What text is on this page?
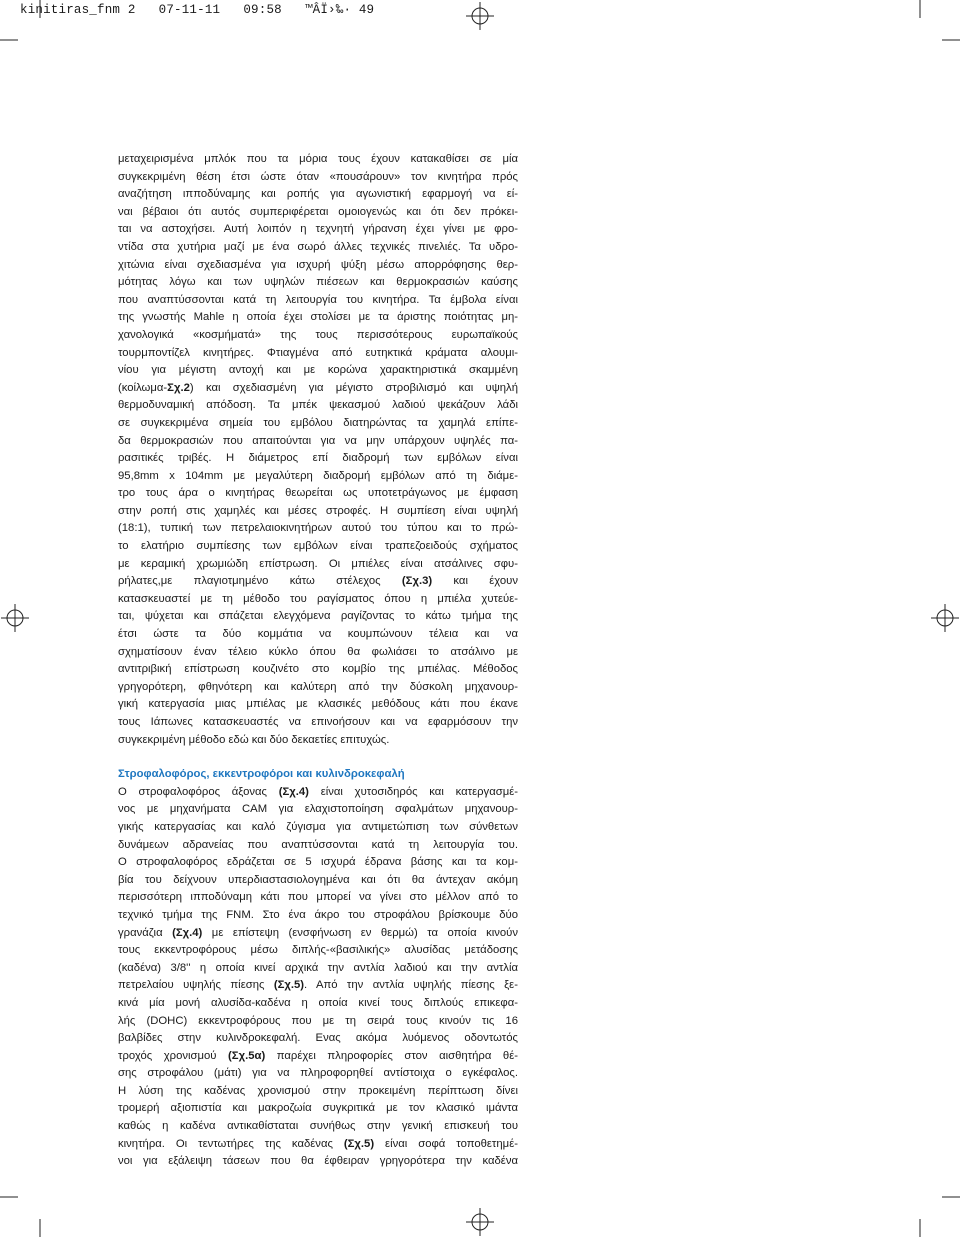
kinitiras_fnm 2   07-11-11   09:58   ™ÂÏ›‰· 49
μεταχειρισμένα μπλόκ που τα μόρια τους έχουν κατακαθίσει σε μία
συγκεκριμένη θέση έτσι ώστε όταν «πουσάρουν» τον κινητήρα πρός
αναζήτηση ιπποδύναμης και ροπής για αγωνιστική εφαρμογή να εί-
ναι βέβαιοι ότι αυτός συμπεριφέρεται ομοιογενώς και ότι δεν πρόκει-
ται να αστοχήσει. Αυτή λοιπόν η τεχνητή γήρανση έχει γίνει με φρο-
ντίδα στα χυτήρια μαζί με ένα σωρό άλλες τεχνικές πινελιές. Τα υδρο-
χιτώνια είναι σχεδιασμένα για ισχυρή ψύξη μέσω απορρόφησης θερ-
μότητας λόγω και των υψηλών πιέσεων και θερμοκρασιών καύσης
που αναπτύσσονται κατά τη λειτουργία του κινητήρα. Τα έμβολα είναι
της γνωστής Mahle η οποία έχει στολίσει με τα άριστης ποιότητας μη-
χανολογικά «κοσμήματά» της τους περισσότερους ευρωπαϊκούς
τουρμποντίζελ κινητήρες. Φτιαγμένα από ευτηκτικά κράματα αλουμι-
νίου για μέγιστη αντοχή και με κορώνα χαρακτηριστικά σκαμμένη
(κοίλωμα-Σχ.2) και σχεδιασμένη για μέγιστο στροβιλισμό και υψηλή
θερμοδυναμική απόδοση. Τα μπέκ ψεκασμού λαδιού ψεκάζουν λάδι
σε συγκεκριμένα σημεία του εμβόλου διατηρώντας τα χαμηλά επίπε-
δα θερμοκρασιών που απαιτούνται για να μην υπάρχουν υψηλές πα-
ρασιτικές τριβές. Η διάμετρος επί διαδρομή των εμβόλων είναι
95,8mm x 104mm με μεγαλύτερη διαδρομή εμβόλων από τη διάμε-
τρο τους άρα ο κινητήρας θεωρείται ως υποτετράγωνος με έμφαση
στην ροπή στις χαμηλές και μέσες στροφές. Η συμπίεση είναι υψηλή
(18:1), τυπική των πετρελαιοκινητήρων αυτού του τύπου και το πρώ-
το ελατήριο συμπίεσης των εμβόλων είναι τραπεζοειδούς σχήματος
με κεραμική χρωμιώδη επίστρωση. Οι μπιέλες είναι ατσάλινες σφυ-
ρήλατες,με πλαγιοτμημένο κάτω στέλεχος (Σχ.3) και έχουν
κατασκευαστεί με τη μέθοδο του ραγίσματος όπου η μπιέλα χυτεύε-
ται, ψύχεται και σπάζεται ελεγχόμενα ραγίζοντας το κάτω τμήμα της
έτσι ώστε τα δύο κομμάτια να κουμπώνουν τέλεια και να
σχηματίσουν έναν τέλειο κύκλο όπου θα φωλιάσει το ατσάλινο με
αντιτριβική επίστρωση κουζινέτο στο κομβίο της μπιέλας. Μέθοδος
γρηγορότερη, φθηνότερη και καλύτερη από την δύσκολη μηχανουρ-
γική κατεργασία μιας μπιέλας με κλασικές μεθόδους κάτι που έκανε
τους Ιάπωνες κατασκευαστές να επινοήσουν και να εφαρμόσουν την
συγκεκριμένη μέθοδο εδώ και δύο δεκαετίες επιτυχώς.
Στροφαλοφόρος, εκκεντροφόροι και κυλινδροκεφαλή
Ο στροφαλοφόρος άξονας (Σχ.4) είναι χυτοσιδηρός και κατεργασμέ-
νος με μηχανήματα CAM για ελαχιστοποίηση σφαλμάτων μηχανουρ-
γικής κατεργασίας και καλό ζύγισμα για αντιμετώπιση των σύνθετων
δυνάμεων αδρανείας που αναπτύσσονται κατά τη λειτουργία του.
Ο στροφαλοφόρος εδράζεται σε 5 ισχυρά έδρανα βάσης και τα κομ-
βία του δείχνουν υπερδιαστασιολογημένα και ότι θα άντεχαν ακόμη
περισσότερη ιπποδύναμη κάτι που μπορεί να γίνει στο μέλλον από το
τεχνικό τμήμα της FNM. Στο ένα άκρο του στροφάλου βρίσκουμε δύο
γρανάζια (Σχ.4) με επίστεψη (ενσφήνωση εν θερμώ) τα οποία κινούν
τους εκκεντροφόρους μέσω διπλής-«βασιλικής» αλυσίδας μετάδοσης
(καδένα) 3/8'' η οποία κινεί αρχικά την αντλία λαδιού και την αντλία
πετρελαίου υψηλής πίεσης (Σχ.5). Από την αντλία υψηλής πίεσης ξε-
κινά μία μονή αλυσίδα-καδένα η οποία κινεί τους διπλούς επικεφα-
λής (DOHC) εκκεντροφόρους που με τη σειρά τους κινούν τις 16
βαλβίδες στην κυλινδροκεφαλή. Ενας ακόμα λυόμενος οδοντωτός
τροχός χρονισμού (Σχ.5α) παρέχει πληροφορίες στον αισθητήρα θέ-
σης στροφάλου (μάτι) για να πληροφορηθεί αντίστοιχα ο εγκέφαλος.
Η λύση της καδένας χρονισμού στην προκειμένη περίπτωση δίνει
τρομερή αξιοπιστία και μακροζωία συγκριτικά με τον κλασικό ιμάντα
καθώς η καδένα αντικαθίσταται συνήθως στην γενική επισκευή του
κινητήρα. Οι τεντωτήρες της καδένας (Σχ.5) είναι σοφά τοποθετημέ-
νοι για εξάλειψη τάσεων που θα έφθειραν γρηγορότερα την καδένα
